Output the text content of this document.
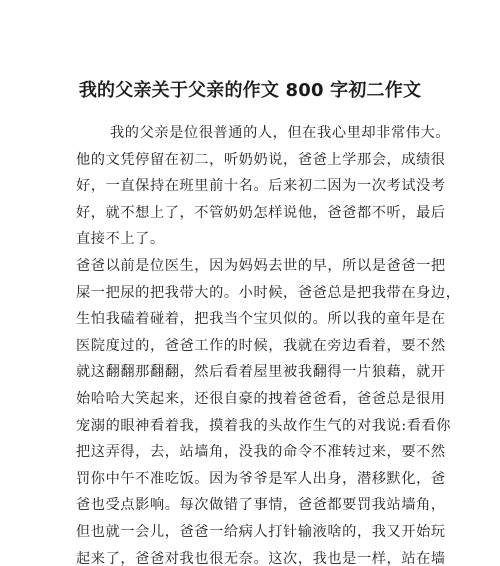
我的父亲关于父亲的作文 800 字初二作文
我的父亲是位很普通的人，但在我心里却非常伟大。
他的文凭停留在初二，听奶奶说，爸爸上学那会，成绩很
好，一直保持在班里前十名。后来初二因为一次考试没考
好，就不想上了，不管奶奶怎样说他，爸爸都不听，最后
直接不上了。
爸爸以前是位医生，因为妈妈去世的早，所以是爸爸一把
屎一把尿的把我带大的。小时候，爸爸总是把我带在身边，
生怕我磕着碰着，把我当个宝贝似的。所以我的童年是在
医院度过的，爸爸工作的时候，我就在旁边看着，要不然
就这翻翻那翻翻，然后看着屋里被我翻得一片狼藉，就开
始哈哈大笑起来，还很自豪的拽着爸爸看，爸爸总是很用
宠溺的眼神看着我，摸着我的头故作生气的对我说:看看你
把这弄得，去，站墙角，没我的命令不准转过来，要不然
罚你中午不准吃饭。因为爷爷是军人出身，潜移默化，爸
爸也受点影响。每次做错了事情，爸爸都要罚我站墙角，
但也就一会儿，爸爸一给病人打针输液啥的，我又开始玩
起来了，爸爸对我也很无奈。这次，我也是一样，站在墙
